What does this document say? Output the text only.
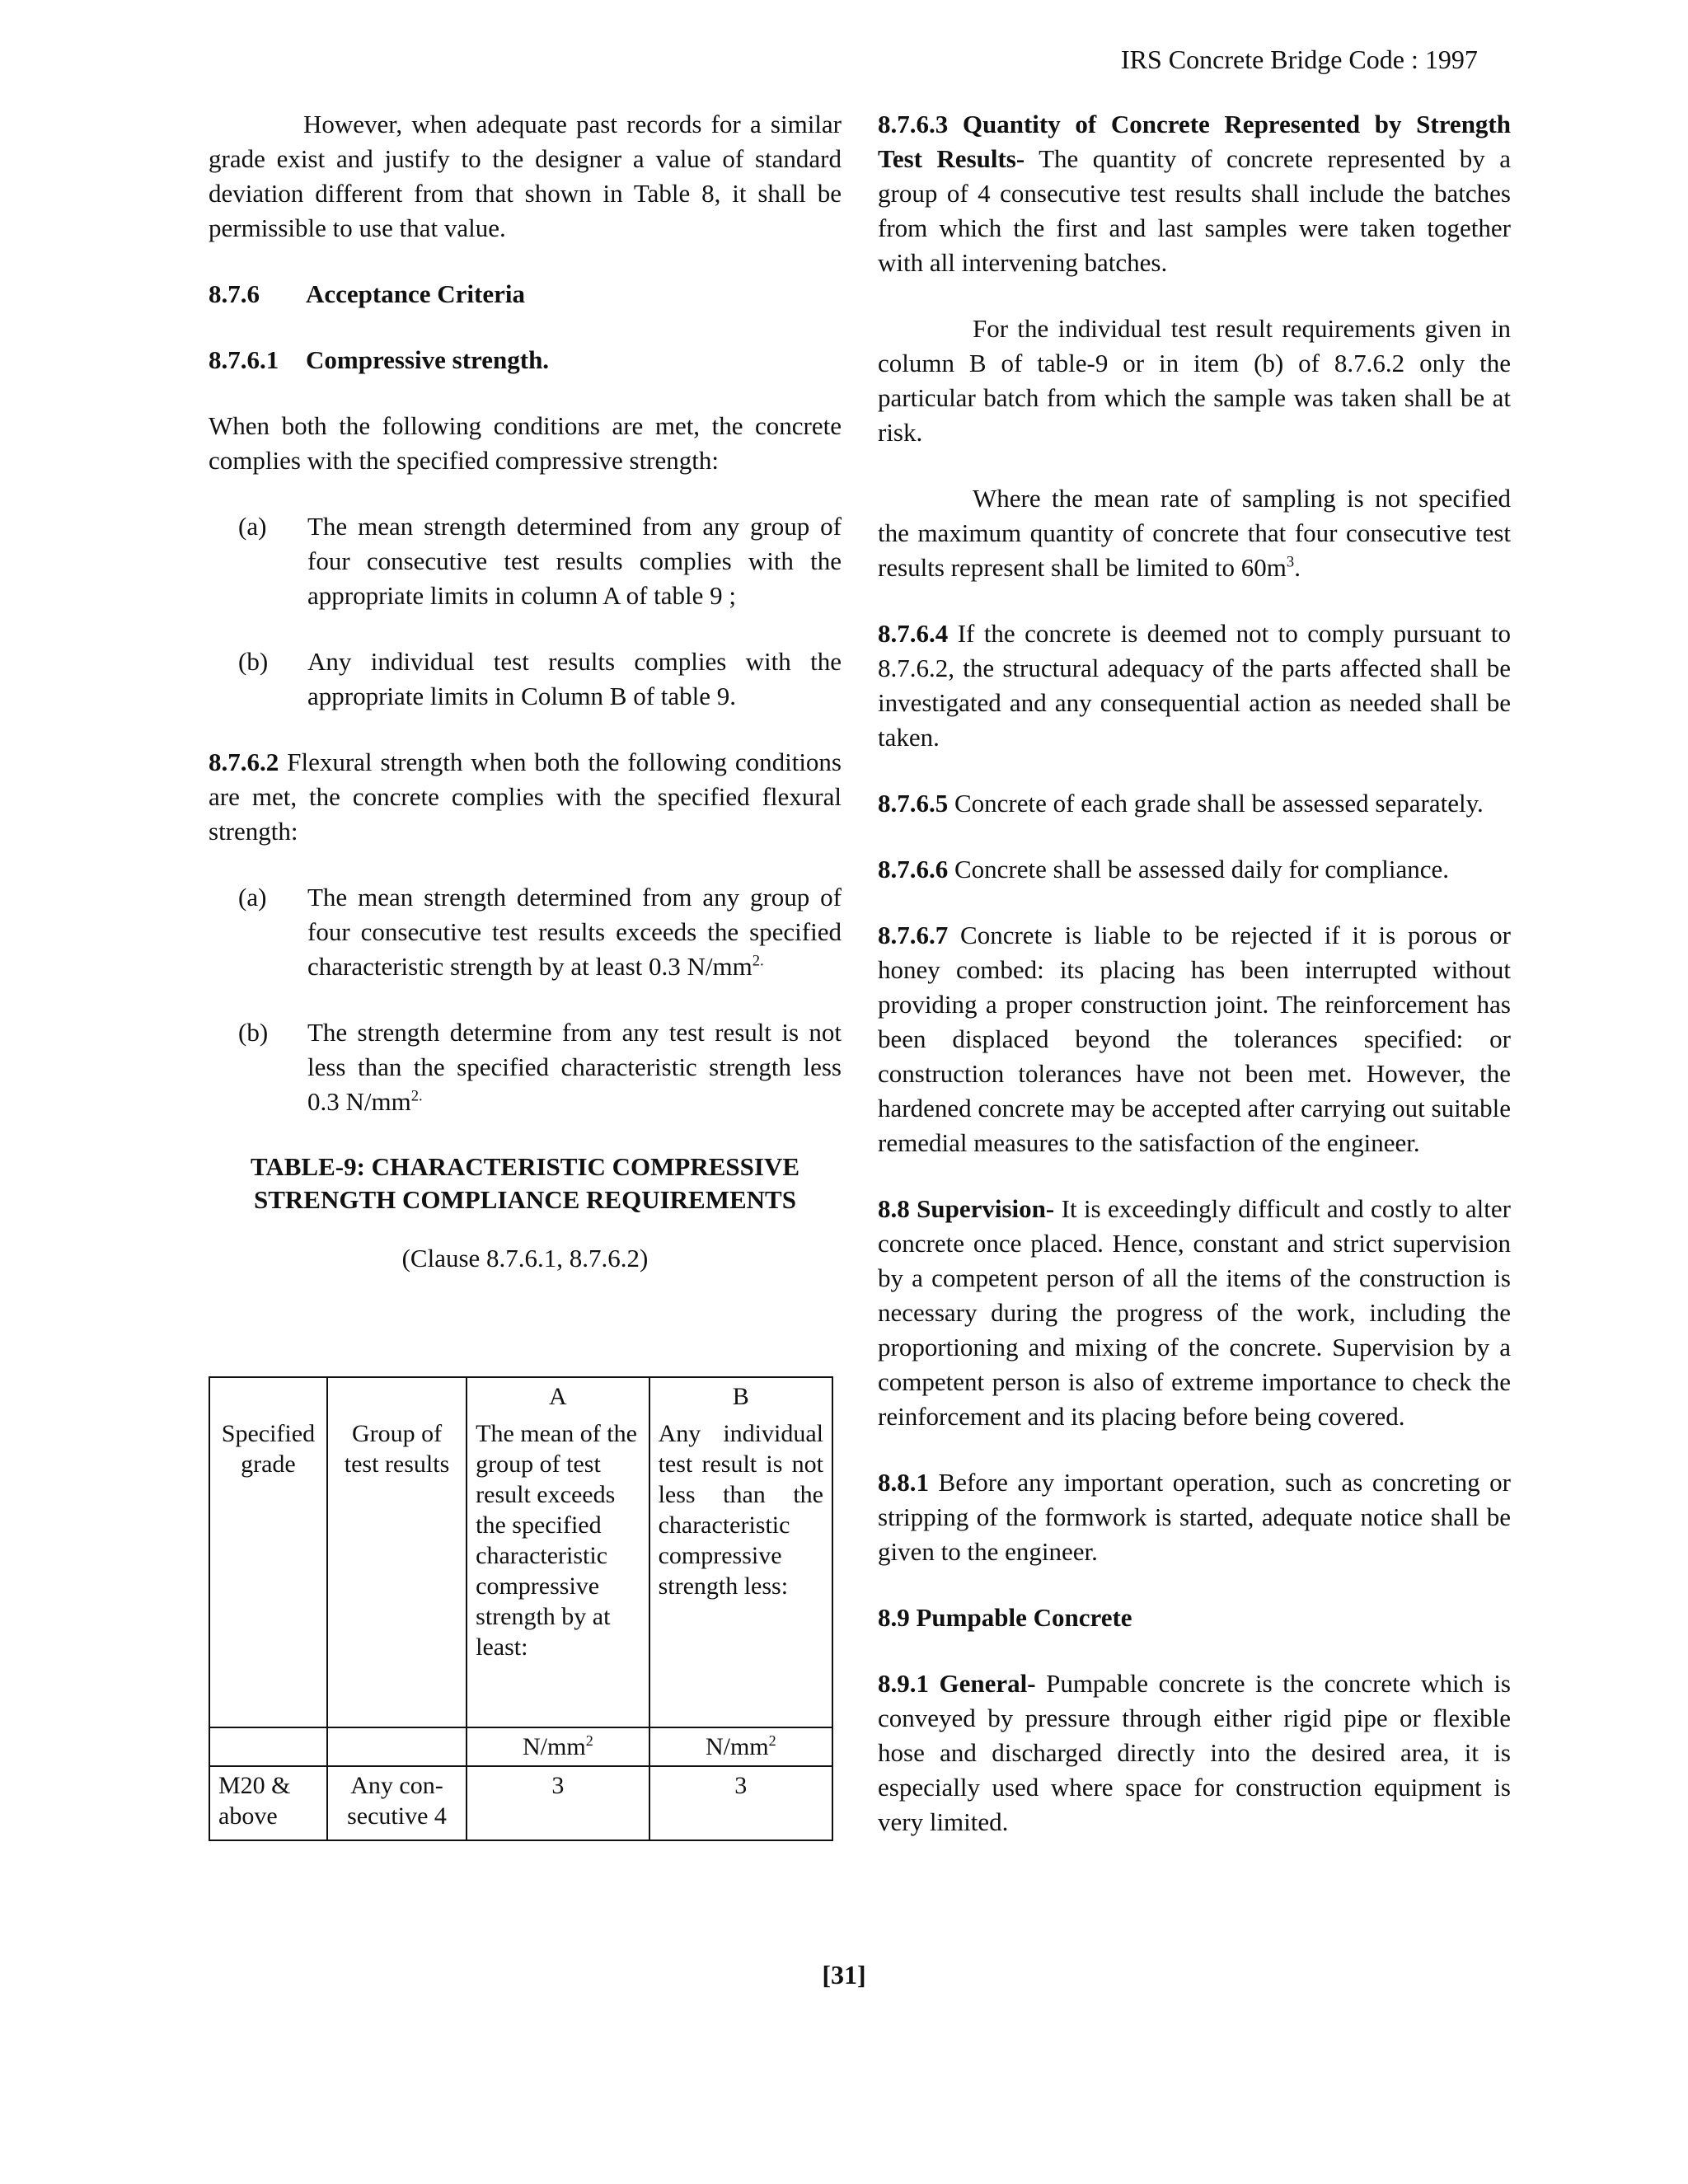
IRS Concrete Bridge Code : 1997

However, when adequate past records for a similar grade exist and justify to the designer a value of standard deviation different from that shown in Table 8, it shall be permissible to use that value.

8.7.6	Acceptance Criteria
8.7.6.1	Compressive strength.

When both the following conditions are met, the concrete complies with the specified compressive strength:

(a)	The mean strength determined from any group of four consecutive test results complies with the appropriate limits in column A of table 9 ;
(b)	Any individual test results complies with the appropriate limits in Column B of table 9.

8.7.6.2 Flexural strength when both the following conditions are met, the concrete complies with the specified flexural strength:

(a)	The mean strength determined from any group of four consecutive test results exceeds the specified characteristic strength by at least 0.3 $N/mm^{2.}$
(b)	The strength determine from any test result is not less than the specified characteristic strength less 0.3 $N/mm^{2.}$
TABLE-9: CHARACTERISTIC COMPRESSIVE
STRENGTH COMPLIANCE REQUIREMENTS
(Clause 8.7.6.1, 8.7.6.2)
		A	B
Specified grade	Group of test results	The mean of the group of test result exceeds the specified characteristic compressive strength by at least:	Any individual test result is not less than the characteristic compressive strength less:
		$N/mm^2$	$N/mm^2$
M20 & above	Any con- secutive 4	3	3

8.7.6.3 Quantity of Concrete Represented by Strength Test Results- The quantity of concrete represented by a group of 4 consecutive test results shall include the batches from which the first and last samples were taken together with all intervening batches.

For the individual test result requirements given in column B of table-9 or in item (b) of 8.7.6.2 only the particular batch from which the sample was taken shall be at risk.

Where the mean rate of sampling is not specified the maximum quantity of concrete that four consecutive test results represent shall be limited to $60m^3$.

8.7.6.4 If the concrete is deemed not to comply pursuant to 8.7.6.2, the structural adequacy of the parts affected shall be investigated and any consequential action as needed shall be taken.

8.7.6.5 Concrete of each grade shall be assessed separately.

8.7.6.6 Concrete shall be assessed daily for compliance.

8.7.6.7 Concrete is liable to be rejected if it is porous or honey combed: its placing has been interrupted without providing a proper construction joint. The reinforcement has been displaced beyond the tolerances specified: or construction tolerances have not been met. However, the hardened concrete may be accepted after carrying out suitable remedial measures to the satisfaction of the engineer.

8.8 Supervision- It is exceedingly difficult and costly to alter concrete once placed. Hence, constant and strict supervision by a competent person of all the items of the construction is necessary during the progress of the work, including the proportioning and mixing of the concrete. Supervision by a competent person is also of extreme importance to check the reinforcement and its placing before being covered.

8.8.1 Before any important operation, such as concreting or stripping of the formwork is started, adequate notice shall be given to the engineer.

8.9 Pumpable Concrete

8.9.1 General- Pumpable concrete is the concrete which is conveyed by pressure through either rigid pipe or flexible hose and discharged directly into the desired area, it is especially used where space for construction equipment is very limited.

[31]
